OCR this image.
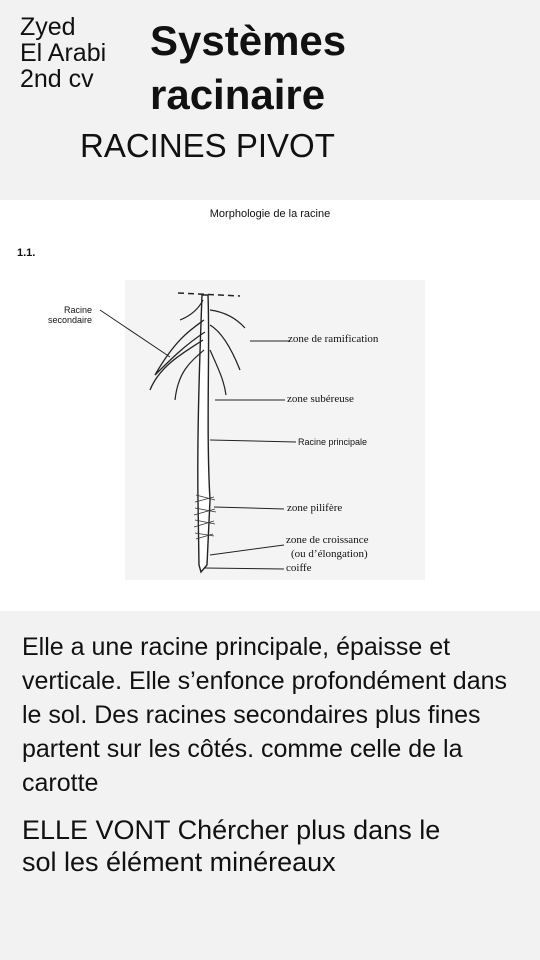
Zyed
El Arabi
2nd cv
Systèmes
racinaire
RACINES PIVOT
Morphologie de la racine
1.1.
Racine
secondaire
zone de ramification
zone subéreuse
Racine principale
zone pilifère
zone de croissance
(ou d’élongation)
coiffe
Elle a une racine principale, épaisse et verticale. Elle s’enfonce profondément dans le sol. Des racines secondaires plus fines partent sur les côtés. comme celle de la carotte
ELLE VONT Chércher plus dans le sol les élément minéreaux
